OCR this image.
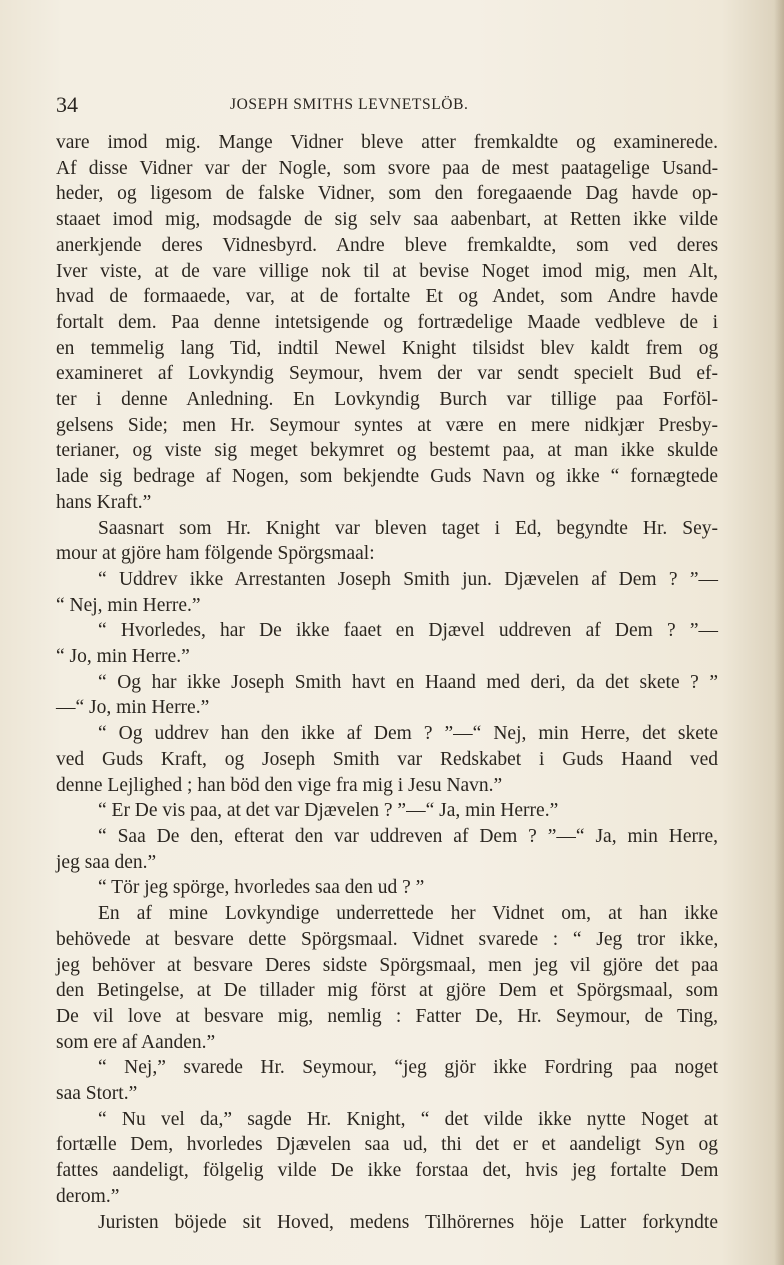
34	JOSEPH SMITHS LEVNETSLÖB.

vare imod mig. Mange Vidner bleve atter fremkaldte og examinerede.
Af disse Vidner var der Nogle, som svore paa de mest paatagelige Usand-
heder, og ligesom de falske Vidner, som den foregaaende Dag havde op-
staaet imod mig, modsagde de sig selv saa aabenbart, at Retten ikke vilde
anerkjende deres Vidnesbyrd. Andre bleve fremkaldte, som ved deres
Iver viste, at de vare villige nok til at bevise Noget imod mig, men Alt,
hvad de formaaede, var, at de fortalte Et og Andet, som Andre havde
fortalt dem. Paa denne intetsigende og fortrædelige Maade vedbleve de i
en temmelig lang Tid, indtil Newel Knight tilsidst blev kaldt frem og
examineret af Lovkyndig Seymour, hvem der var sendt specielt Bud ef-
ter i denne Anledning. En Lovkyndig Burch var tillige paa Forföl-
gelsens Side; men Hr. Seymour syntes at være en mere nidkjær Presby-
terianer, og viste sig meget bekymret og bestemt paa, at man ikke skulde
lade sig bedrage af Nogen, som bekjendte Guds Navn og ikke “ fornægtede
hans Kraft.”

Saasnart som Hr. Knight var bleven taget i Ed, begyndte Hr. Sey-
mour at gjöre ham fölgende Spörgsmaal:

“ Uddrev ikke Arrestanten Joseph Smith jun. Djævelen af Dem ? ”—

“ Nej, min Herre.”

“ Hvorledes, har De ikke faaet en Djævel uddreven af Dem ? ”—

“ Jo, min Herre.”

“ Og har ikke Joseph Smith havt en Haand med deri, da det skete ? ”

—“ Jo, min Herre.”

“ Og uddrev han den ikke af Dem ? ”—“ Nej, min Herre, det skete

ved Guds Kraft, og Joseph Smith var Redskabet i Guds Haand ved
denne Lejlighed ; han böd den vige fra mig i Jesu Navn.”

“ Er De vis paa, at det var Djævelen ? ”—“ Ja, min Herre.”

“ Saa De den, efterat den var uddreven af Dem ? ”—“ Ja, min Herre,

jeg saa den.”

“ Tör jeg spörge, hvorledes saa den ud ? ”

En af mine Lovkyndige underrettede her Vidnet om, at han ikke

behövede at besvare dette Spörgsmaal. Vidnet svarede : “ Jeg tror ikke,
jeg behöver at besvare Deres sidste Spörgsmaal, men jeg vil gjöre det paa
den Betingelse, at De tillader mig först at gjöre Dem et Spörgsmaal, som
De vil love at besvare mig, nemlig : Fatter De, Hr. Seymour, de Ting,
som ere af Aanden.”

“ Nej,” svarede Hr. Seymour, “jeg gjör ikke Fordring paa noget

saa Stort.”

“ Nu vel da,” sagde Hr. Knight, “ det vilde ikke nytte Noget at

fortælle Dem, hvorledes Djævelen saa ud, thi det er et aandeligt Syn og
fattes aandeligt, fölgelig vilde De ikke forstaa det, hvis jeg fortalte Dem
derom.”

Juristen böjede sit Hoved, medens Tilhörernes höje Latter forkyndte
